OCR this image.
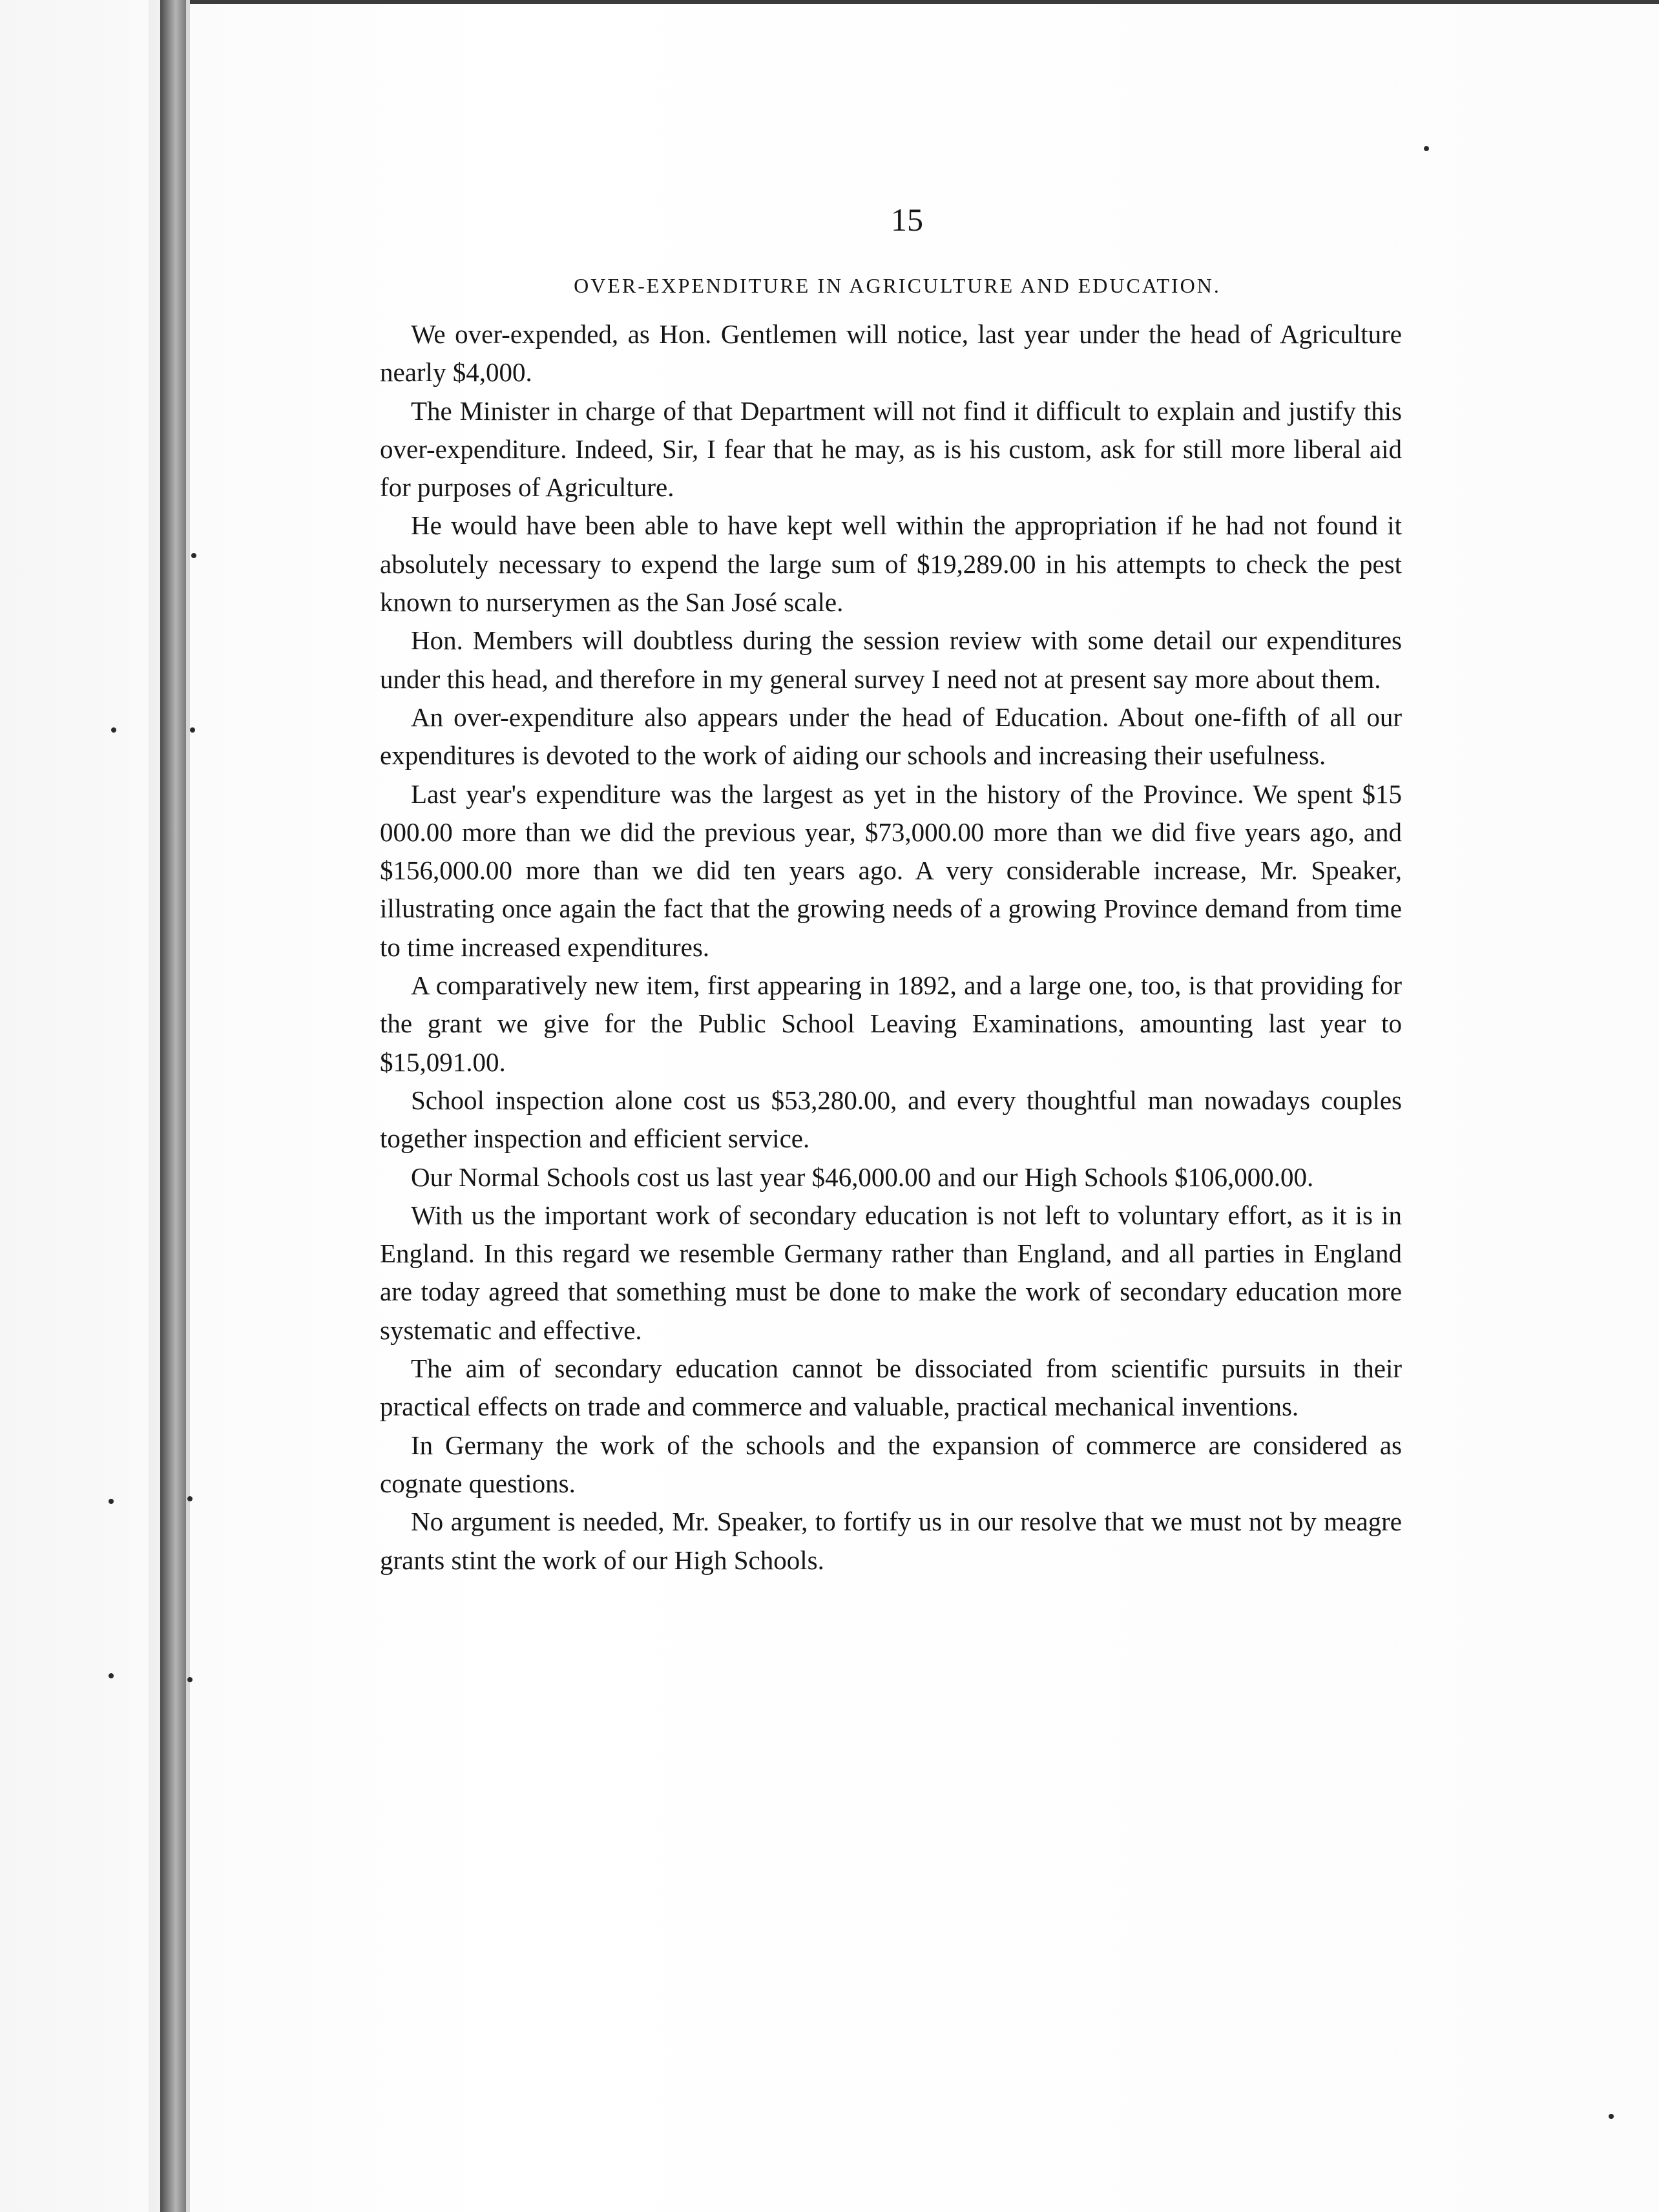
15
OVER-EXPENDITURE IN AGRICULTURE AND EDUCATION.

We over-expended, as Hon. Gentlemen will notice, last year under the head of Agriculture nearly $4,000.

The Minister in charge of that Department will not find it difficult to explain and justify this over-expenditure. Indeed, Sir, I fear that he may, as is his custom, ask for still more liberal aid for purposes of Agriculture.

He would have been able to have kept well within the appropriation if he had not found it absolutely necessary to expend the large sum of $19,289.00 in his attempts to check the pest known to nurserymen as the San José scale.

Hon. Members will doubtless during the session review with some detail our expenditures under this head, and therefore in my general survey I need not at present say more about them.

An over-expenditure also appears under the head of Education. About one-fifth of all our expenditures is devoted to the work of aiding our schools and increasing their usefulness.

Last year's expenditure was the largest as yet in the history of the Province. We spent $15 000.00 more than we did the previous year, $73,000.00 more than we did five years ago, and $156,000.00 more than we did ten years ago. A very considerable increase, Mr. Speaker, illustrating once again the fact that the growing needs of a growing Province demand from time to time increased expenditures.

A comparatively new item, first appearing in 1892, and a large one, too, is that providing for the grant we give for the Public School Leaving Examinations, amounting last year to $15,091.00.

School inspection alone cost us $53,280.00, and every thoughtful man nowadays couples together inspection and efficient service.

Our Normal Schools cost us last year $46,000.00 and our High Schools $106,000.00.

With us the important work of secondary education is not left to voluntary effort, as it is in England. In this regard we resemble Germany rather than England, and all parties in England are today agreed that something must be done to make the work of secondary education more systematic and effective.

The aim of secondary education cannot be dissociated from scientific pursuits in their practical effects on trade and commerce and valuable, practical mechanical inventions.

In Germany the work of the schools and the expansion of commerce are considered as cognate questions.

No argument is needed, Mr. Speaker, to fortify us in our resolve that we must not by meagre grants stint the work of our High Schools.
